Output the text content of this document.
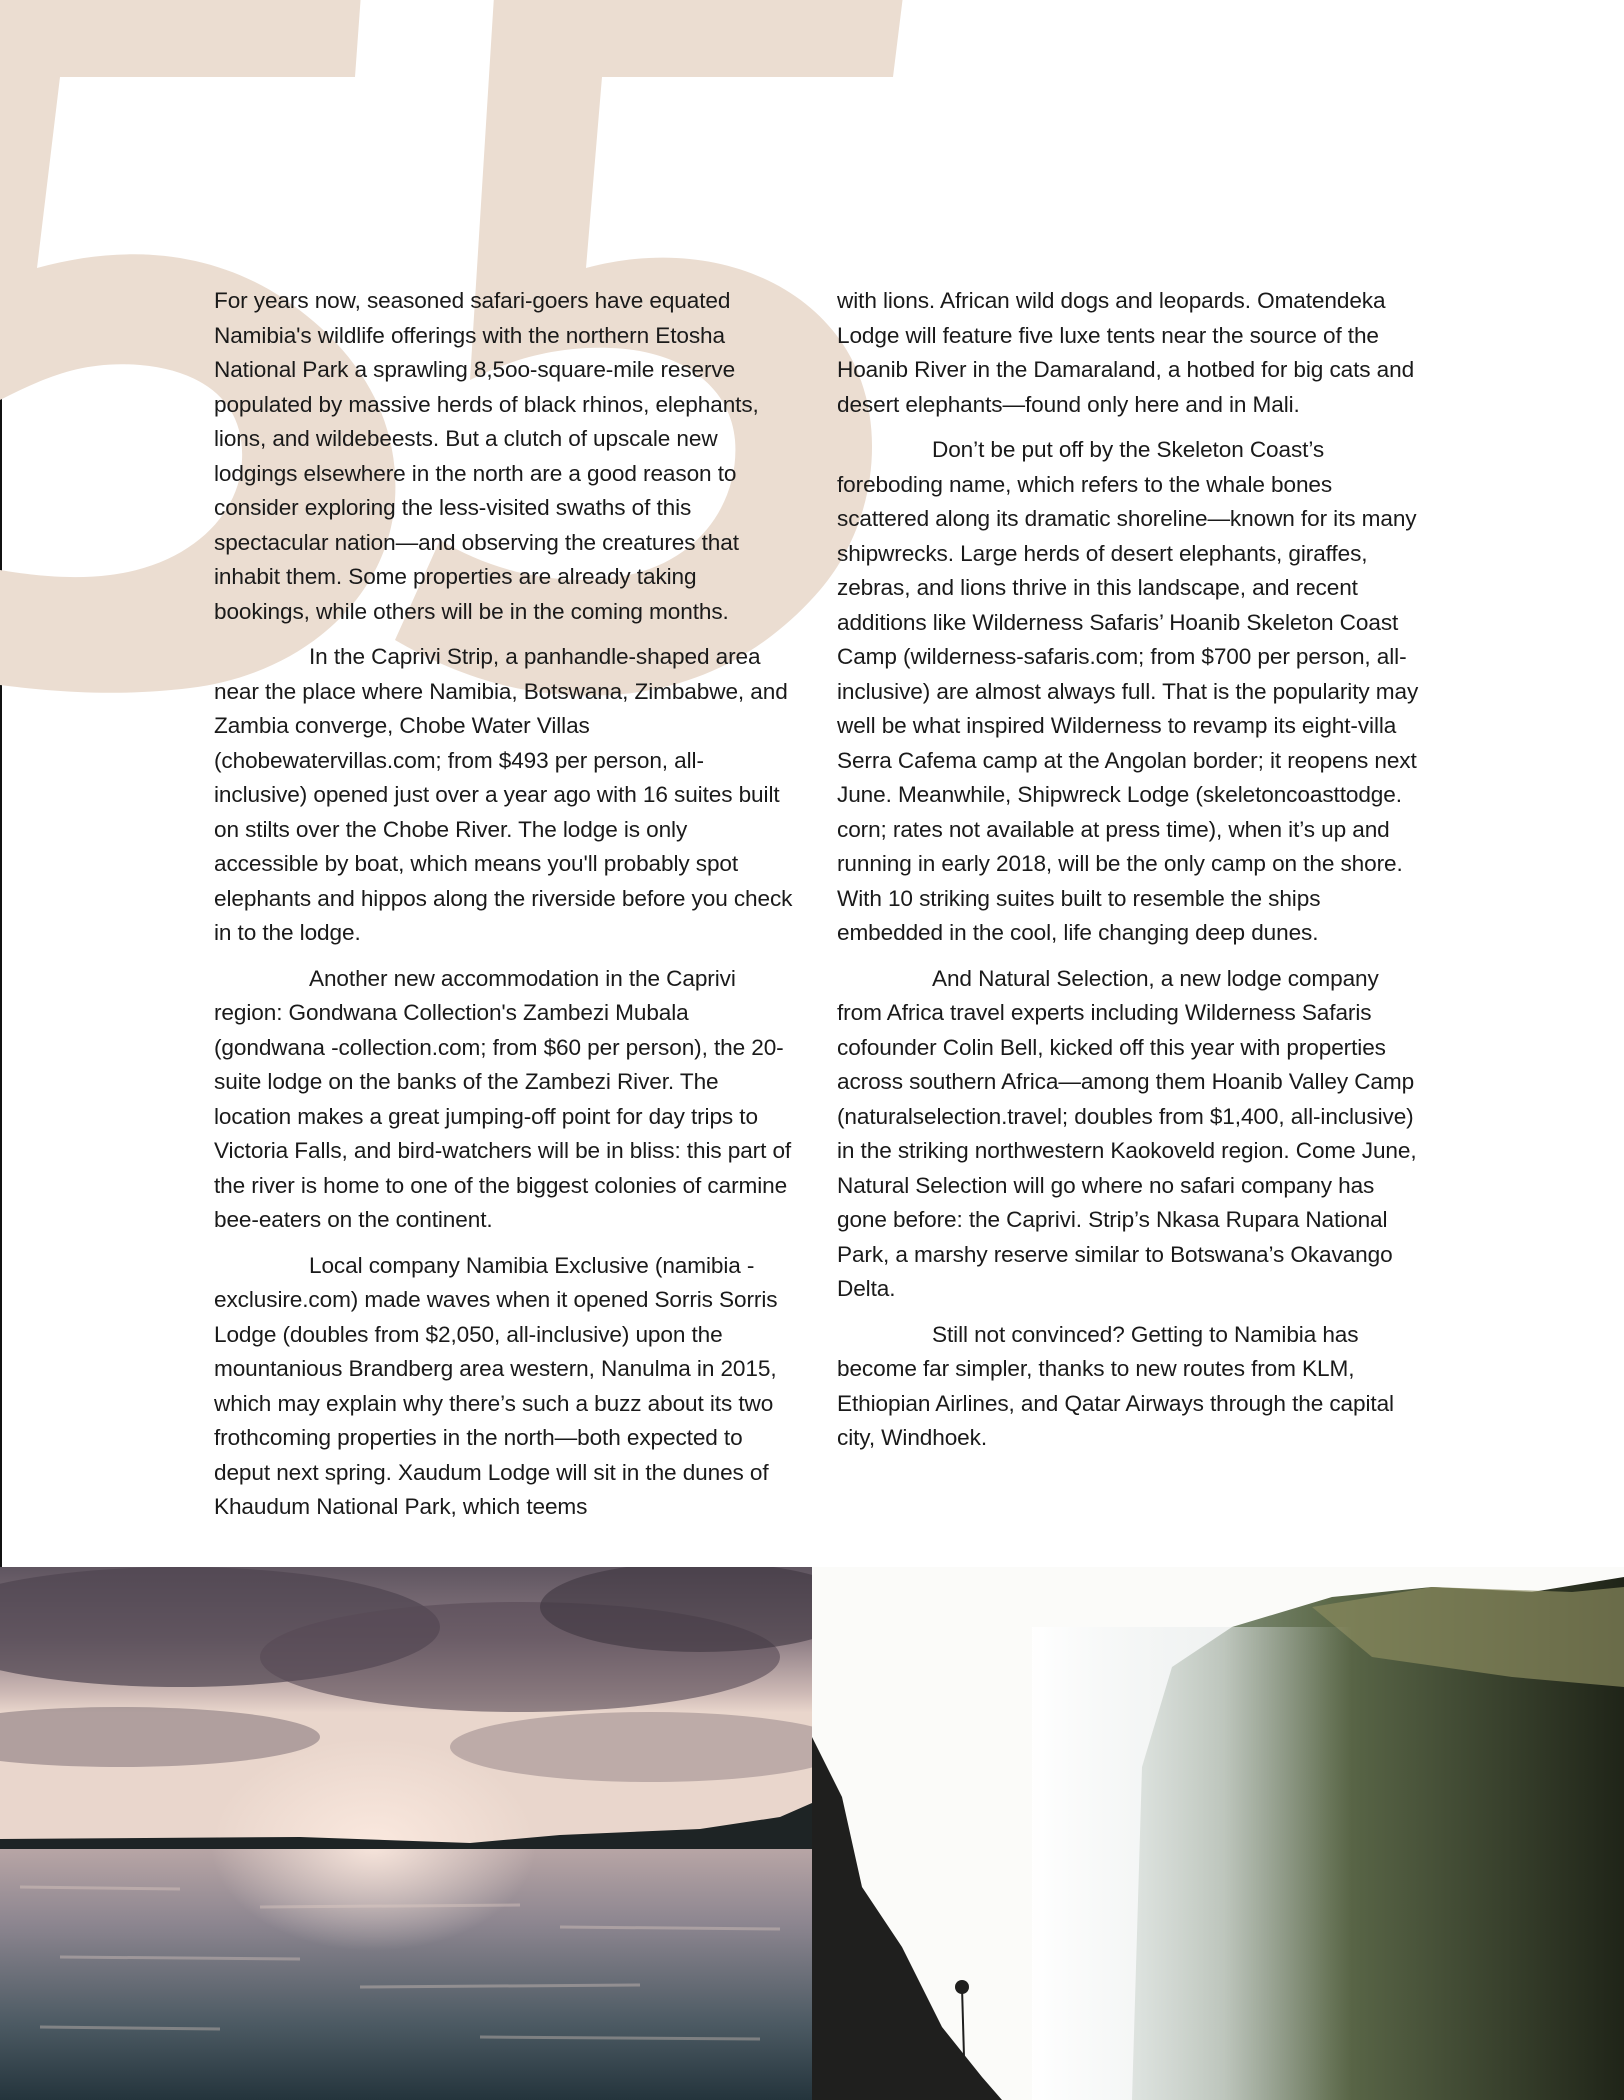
For years now, seasoned safari-goers have equated Namibia's wildlife offerings with the northern Etosha National Park a sprawling 8,5oo-square-mile reserve populated by massive herds of black rhinos, elephants, lions, and wildebeests. But a clutch of upscale new lodgings elsewhere in the north are a good reason to consider exploring the less-visited swaths of this spectacular nation—and observing the creatures that inhabit them. Some properties are already taking bookings, while others will be in the coming months.

In the Caprivi Strip, a panhandle-shaped area near the place where Namibia, Botswana, Zimbabwe, and Zambia converge, Chobe Water Villas (chobewatervillas.com; from $493 per person, all-inclusive) opened just over a year ago with 16 suites built on stilts over the Chobe River. The lodge is only accessible by boat, which means you'll probably spot elephants and hippos along the riverside before you check in to the lodge.

Another new accommodation in the Caprivi region: Gondwana Collection's Zambezi Mubala (gondwana -collection.com; from $60 per person), the 20-suite lodge on the banks of the Zambezi River. The location makes a great jumping-off point for day trips to Victoria Falls, and bird-watchers will be in bliss: this part of the river is home to one of the biggest colonies of carmine bee-eaters on the continent.

Local company Namibia Exclusive (namibia -exclusire.com) made waves when it opened Sorris Sorris Lodge (doubles from $2,050, all-inclusive) upon the mountanious Brandberg area western, Nanulma in 2015, which may explain why there’s such a buzz about its two frothcoming properties in the north—both expected to deput next spring. Xaudum Lodge will sit in the dunes of Khaudum National Park, which teems

with lions. African wild dogs and leopards. Omatendeka Lodge will feature five luxe tents near the source of the Hoanib River in the Damaraland, a hotbed for big cats and desert elephants—found only here and in Mali.

Don’t be put off by the Skeleton Coast’s foreboding name, which refers to the whale bones scattered along its dramatic shoreline—known for its many shipwrecks. Large herds of desert elephants, giraffes, zebras, and lions thrive in this landscape, and recent additions like Wilderness Safaris’ Hoanib Skeleton Coast Camp (wilderness-safaris.com; from $700 per person, all-inclusive) are almost always full. That is the popularity may well be what inspired Wilderness to revamp its eight-villa Serra Cafema camp at the Angolan border; it reopens next June. Meanwhile, Shipwreck Lodge (skeletoncoasttodge. corn; rates not available at press time), when it’s up and running in early 2018, will be the only camp on the shore. With 10 striking suites built to resemble the ships embedded in the cool, life changing deep dunes.

And Natural Selection, a new lodge company from Africa travel experts including Wilderness Safaris cofounder Colin Bell, kicked off this year with properties across southern Africa—among them Hoanib Valley Camp (naturalselection.travel; doubles from $1,400, all-inclusive) in the striking northwestern Kaokoveld region. Come June, Natural Selection will go where no safari company has gone before: the Caprivi. Strip’s Nkasa Rupara National Park, a marshy reserve similar to Botswana’s Okavango Delta.

Still not convinced? Getting to Namibia has become far simpler, thanks to new routes from KLM, Ethiopian Airlines, and Qatar Airways through the capital city, Windhoek.
